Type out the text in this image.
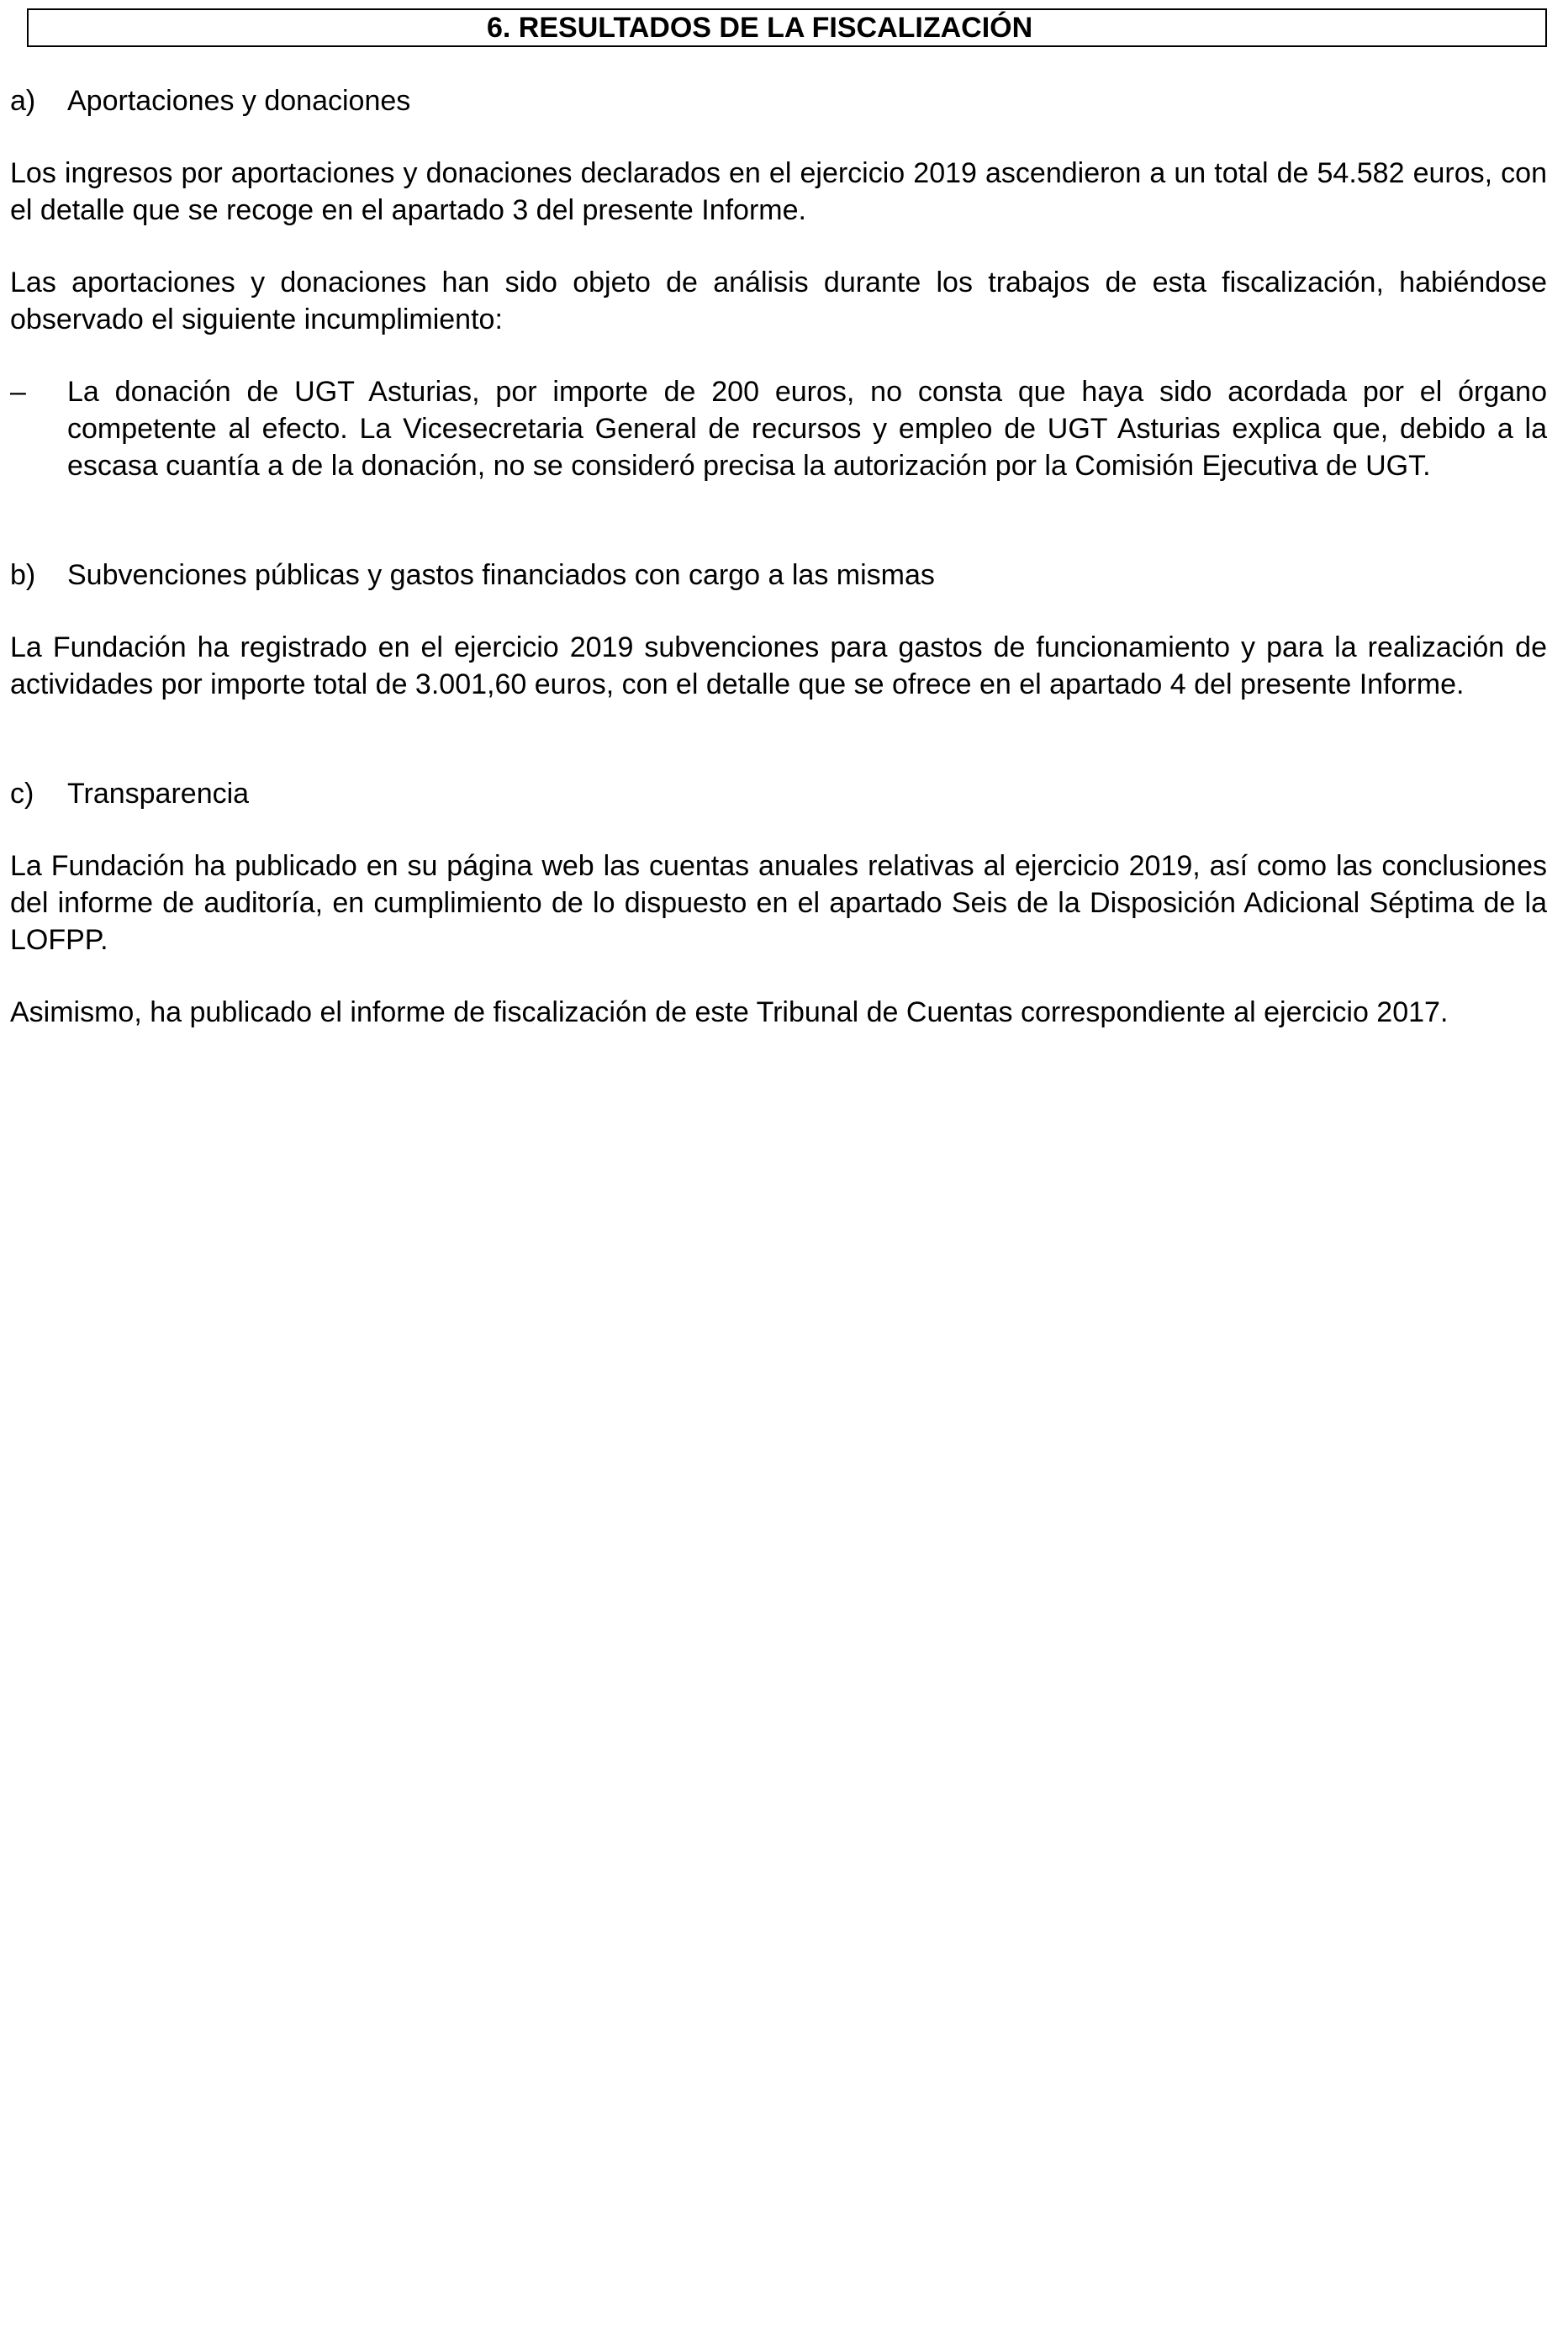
6. RESULTADOS DE LA FISCALIZACIÓN
a)	Aportaciones y donaciones

Los ingresos por aportaciones y donaciones declarados en el ejercicio 2019 ascendieron a un total de 54.582 euros, con el detalle que se recoge en el apartado 3 del presente Informe.

Las aportaciones y donaciones han sido objeto de análisis durante los trabajos de esta fiscalización, habiéndose observado el siguiente incumplimiento:

–	La donación de UGT Asturias, por importe de 200 euros, no consta que haya sido acordada por el órgano competente al efecto. La Vicesecretaria General de recursos y empleo de UGT Asturias explica que, debido a la escasa cuantía a de la donación, no se consideró precisa la autorización por la Comisión Ejecutiva de UGT.
b)	Subvenciones públicas y gastos financiados con cargo a las mismas

La Fundación ha registrado en el ejercicio 2019 subvenciones para gastos de funcionamiento y para la realización de actividades por importe total de 3.001,60 euros, con el detalle que se ofrece en el apartado 4 del presente Informe.

c)	Transparencia

La Fundación ha publicado en su página web las cuentas anuales relativas al ejercicio 2019, así como las conclusiones del informe de auditoría, en cumplimiento de lo dispuesto en el apartado Seis de la Disposición Adicional Séptima de la LOFPP.

Asimismo, ha publicado el informe de fiscalización de este Tribunal de Cuentas correspondiente al ejercicio 2017.
